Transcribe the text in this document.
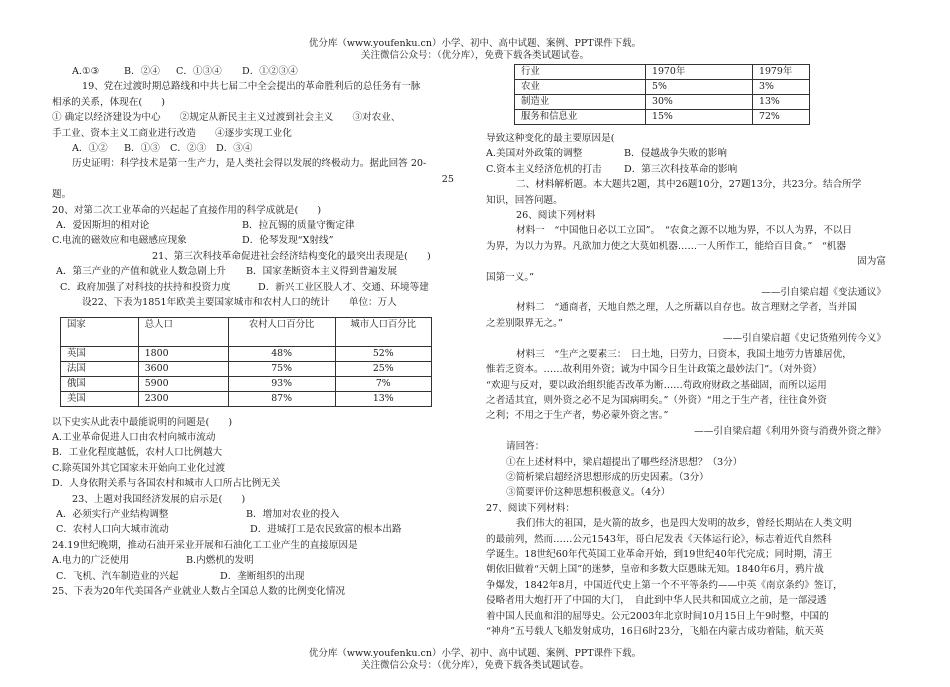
优分库（www.youfenku.cn）小学、初中、高中试题、案例、PPT课件下载。
关注微信公众号：（优分库），免费下载各类试题试卷。

A.①③	B．②④	C．①③④	D．①②③④

19、党在过渡时期总路线和中共七届二中全会提出的革命胜利后的总任务有一脉

相承的关系，体现在(　　)

① 确定以经济建设为中心　　②规定从新民主主义过渡到社会主义　　③对农业、

手工业、资本主义工商业进行改造　　④逐步实现工业化

A．①②	B．①③	C．②③	D．③④

历史证明：科学技术是第一生产力，是人类社会得以发展的终极动力。据此回答 20-

25

题。

20、对第二次工业革命的兴起起了直接作用的科学成就是(　　)

A．爱因斯坦的相对论	B．拉瓦锡的质量守衡定律

C.电流的磁效应和电磁感应现象	D．伦琴发现“X射线”

21、第三次科技革命促进社会经济结构变化的最突出表现是(　　)

A．第三产业的产值和就业人数急剧上升	B．国家垄断资本主义得到普遍发展

C．政府加强了对科技的扶持和投资力度	D．新兴工业区股人才、交通、环境等建

设22、下表为1851年欧美主要国家城市和农村人口的统计　　单位：万人

国家	总人口	农村人口百分比	城市人口百分比
英国	1800	48%	52%
法国	3600	75%	25%
俄国	5900	93%	7%
美国	2300	87%	13%

以下史实从此表中最能说明的问题是(　　)

A.工业革命促进人口由农村向城市流动

B．工业化程度越低，农村人口比例越大

C.除英国外其它国家未开始向工业化过渡

D．人身依附关系与各国农村和城市人口所占比例无关

23、上题对我国经济发展的启示是(　　)

A．必须实行产业结构调整	B．增加对农业的投入

C．农村人口向大城市流动	D．进城打工是农民致富的根本出路

24.19世纪晚期，推动石油开采业开展和石油化工工业产生的直接原因是

A.电力的广泛使用	B.内燃机的发明

C．飞机、汽车制造业的兴起	D．垄断组织的出现

25、下表为20年代美国各产业就业人数占全国总人数的比例变化情况

行业	1970年	1979年
农业	5%	3%
制造业	30%	13%
服务和信息业	15%	72%

导致这种变化的最主要原因是(

A.美国对外政策的调整	B．侵越战争失败的影响

C.资本主义经济危机的打击	D．第三次科技革命的影响

二、材料解析题。本大题共2题，其中26题10分，27题13分，共23分。结合所学

知识，回答问题。

26、阅读下列材料

材料一　“中国他日必以工立国”。　“农食之源不以地为界，不以人为界，不以日

为界，为以力为界。凡欲加力使之大莫如机器……一人所作工，能给百目食。”　“机器

固为富

国第一义。”

——引自梁启超《变法通议》

材料二　“通商者，天地自然之理，人之所藉以自存也。故言理财之学者，当并国

之差别限界无之。”

——引自梁启超《史记货殖列传今义》

材料三　“生产之要素三：　曰土地，曰劳力，曰资本，我国土地劳力皆雄居优，

惟若乏资本。……故利用外资；诚为中国今日生计政策之最妙法门”。（对外资）

“欢迎与反对，要以政治组织能否改革为断……苟政府财政之基础固，而所以运用

之者适其宜，则外资之必不足为国病明矣。”（外资）“用之于生产者，往往食外资

之利；不用之于生产者，势必蒙外资之害。”

——引自梁启超《利用外资与消费外资之辩》

请回答：

①在上述材料中，梁启超提出了哪些经济思想？（3分）

②简析梁启超经济思想形成的历史因素。（3分）

③简要评价这种思想积极意义。（4分）

27、阅读下列材料：

我们伟大的祖国，是火箭的故乡，也是四大发明的故乡，曾经长期站在人类文明

的最前列，然而……公元1543年，哥白尼发表《天体运行论》，标志着近代自然科

学诞生。18世纪60年代英国工业革命开始，到19世纪40年代完成；同时期，清王

朝依旧做着“天朝上国”的迷梦，皇帝和多数大臣愚昧无知。1840年6月，鸦片战

争爆发，1842年8月，中国近代史上第一个不平等条约——中英《南京条约》签订，

侵略者用大炮打开了中国的大门，　自此到中华人民共和国成立之前，是一部浸透

着中国人民血和泪的屈辱史。公元2003年北京时间10月15日上午9时整，中国的

“神舟”五号载人飞船发射成功，16日6时23分，飞船在内蒙古成功着陆，航天英

优分库（www.youfenku.cn）小学、初中、高中试题、案例、PPT课件下载。
关注微信公众号：（优分库），免费下载各类试题试卷。
